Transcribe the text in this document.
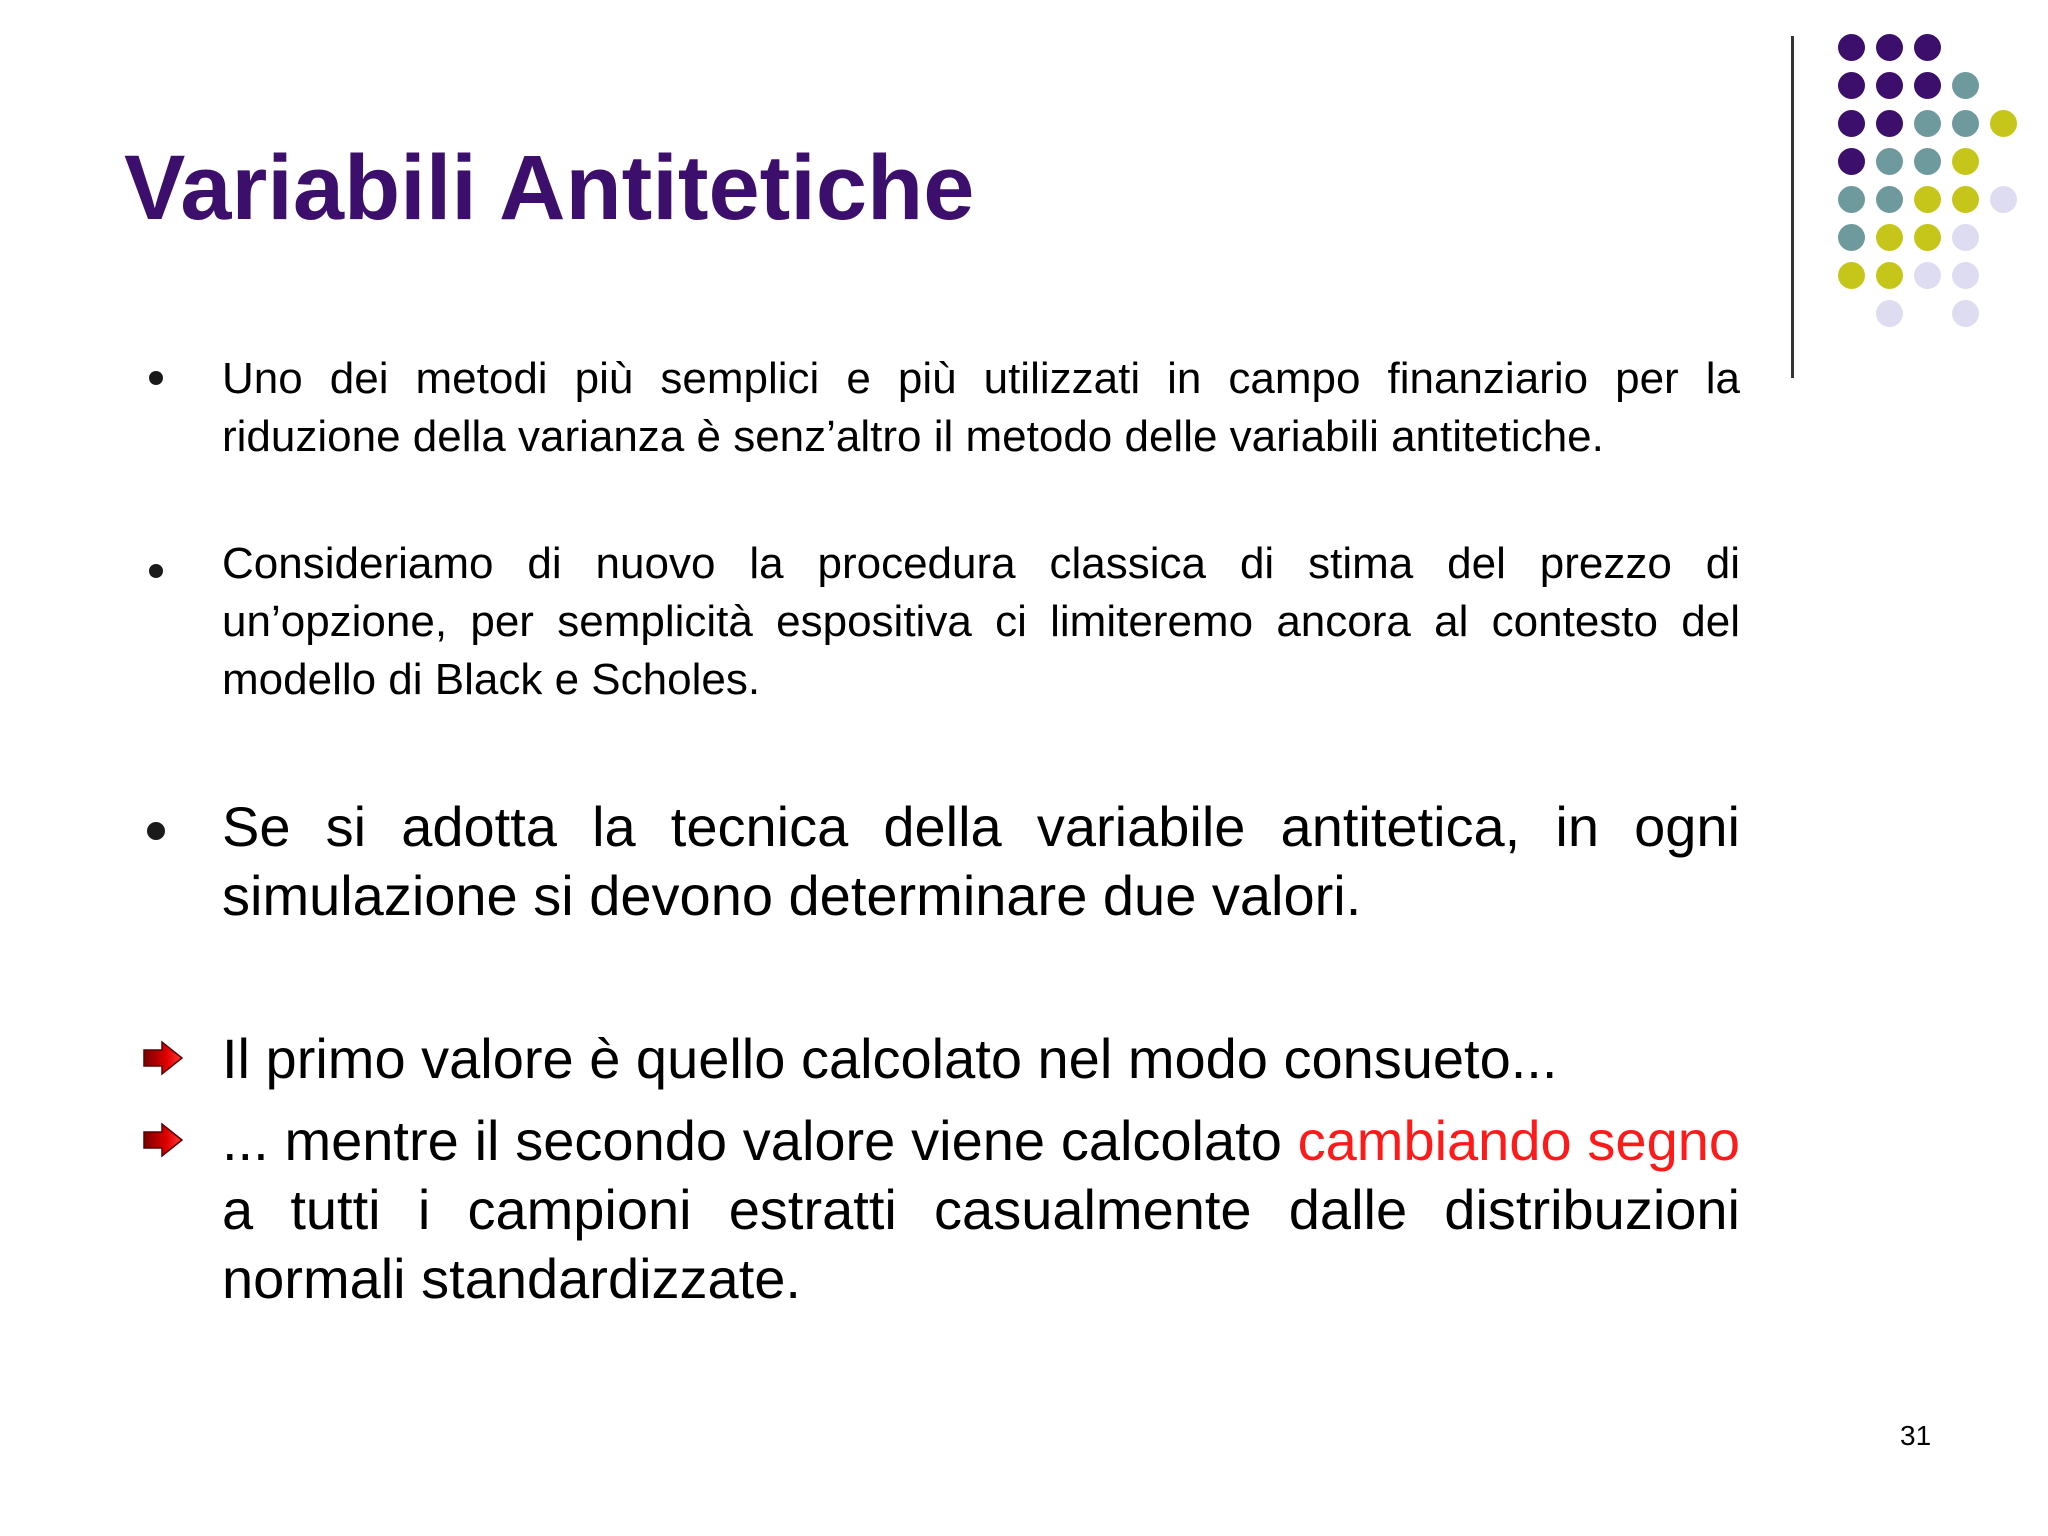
Variabili Antitetiche

Uno dei metodi più semplici e più utilizzati in campo finanziario per la riduzione della varianza è senz’altro il metodo delle variabili antitetiche.

Consideriamo di nuovo la procedura classica di stima del prezzo di un’opzione, per semplicità espositiva ci limiteremo ancora al contesto del modello di Black e Scholes.

Se si adotta la tecnica della variabile antitetica, in ogni simulazione si devono determinare due valori.

Il primo valore è quello calcolato nel modo consueto...

... mentre il secondo valore viene calcolato cambiando segno a tutti i campioni estratti casualmente dalle distribuzioni normali standardizzate.

31
